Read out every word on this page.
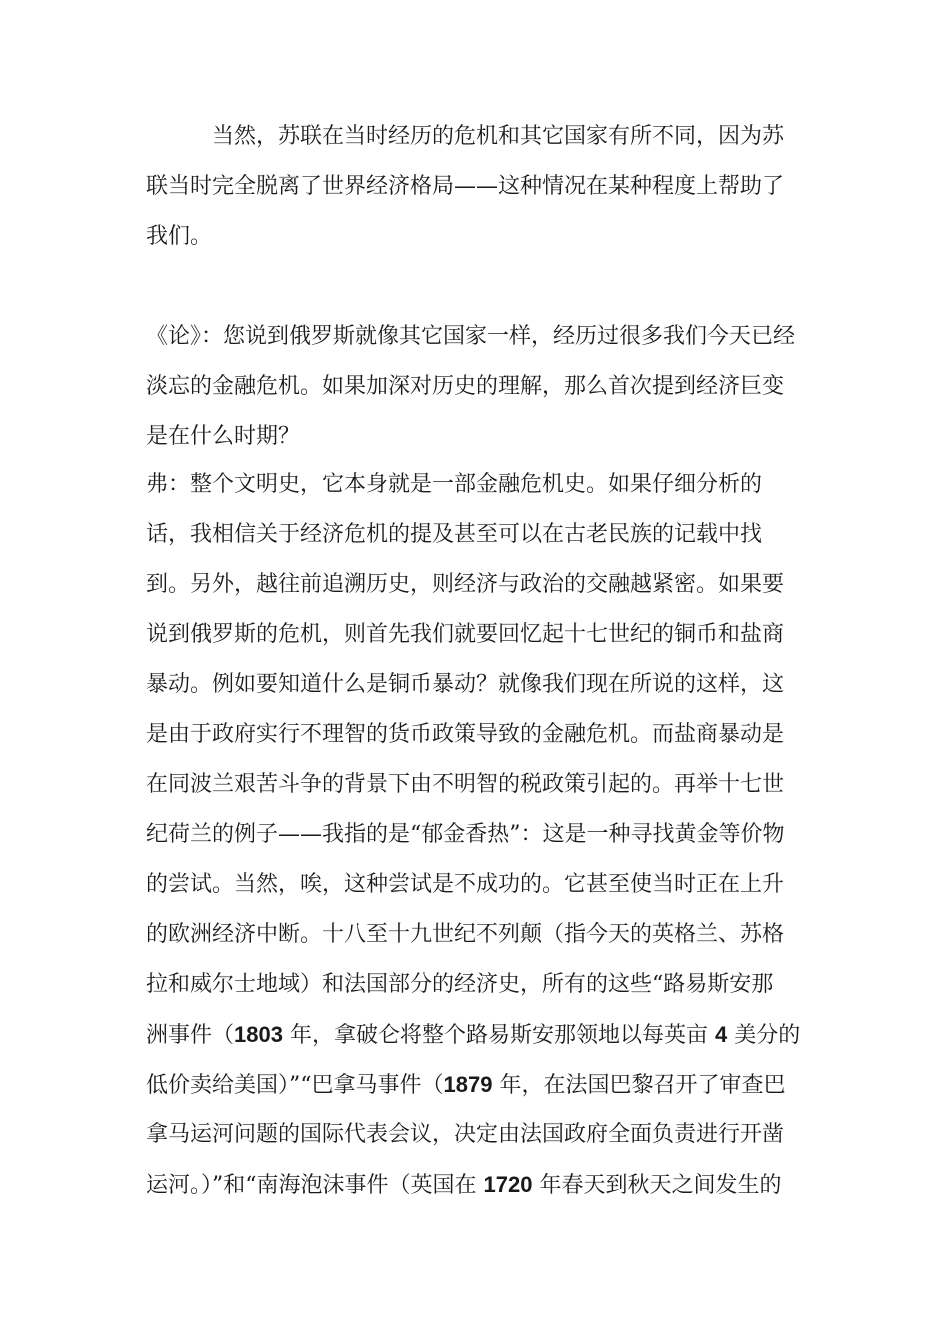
　　　当然，苏联在当时经历的危机和其它国家有所不同，因为苏
联当时完全脱离了世界经济格局——这种情况在某种程度上帮助了
我们。
《论》：您说到俄罗斯就像其它国家一样，经历过很多我们今天已经
淡忘的金融危机。如果加深对历史的理解，那么首次提到经济巨变
是在什么时期？
弗：整个文明史，它本身就是一部金融危机史。如果仔细分析的
话，我相信关于经济危机的提及甚至可以在古老民族的记载中找
到。另外，越往前追溯历史，则经济与政治的交融越紧密。如果要
说到俄罗斯的危机，则首先我们就要回忆起十七世纪的铜币和盐商
暴动。例如要知道什么是铜币暴动？就像我们现在所说的这样，这
是由于政府实行不理智的货币政策导致的金融危机。而盐商暴动是
在同波兰艰苦斗争的背景下由不明智的税政策引起的。再举十七世
纪荷兰的例子——我指的是“郁金香热”：这是一种寻找黄金等价物
的尝试。当然，唉，这种尝试是不成功的。它甚至使当时正在上升
的欧洲经济中断。十八至十九世纪不列颠（指今天的英格兰、苏格
拉和威尔士地域）和法国部分的经济史，所有的这些“路易斯安那
洲事件（1803 年，拿破仑将整个路易斯安那领地以每英亩 4 美分的
低价卖给美国）”“巴拿马事件（1879 年，在法国巴黎召开了审查巴
拿马运河问题的国际代表会议，决定由法国政府全面负责进行开凿
运河。）”和“南海泡沫事件（英国在 1720 年春天到秋天之间发生的
